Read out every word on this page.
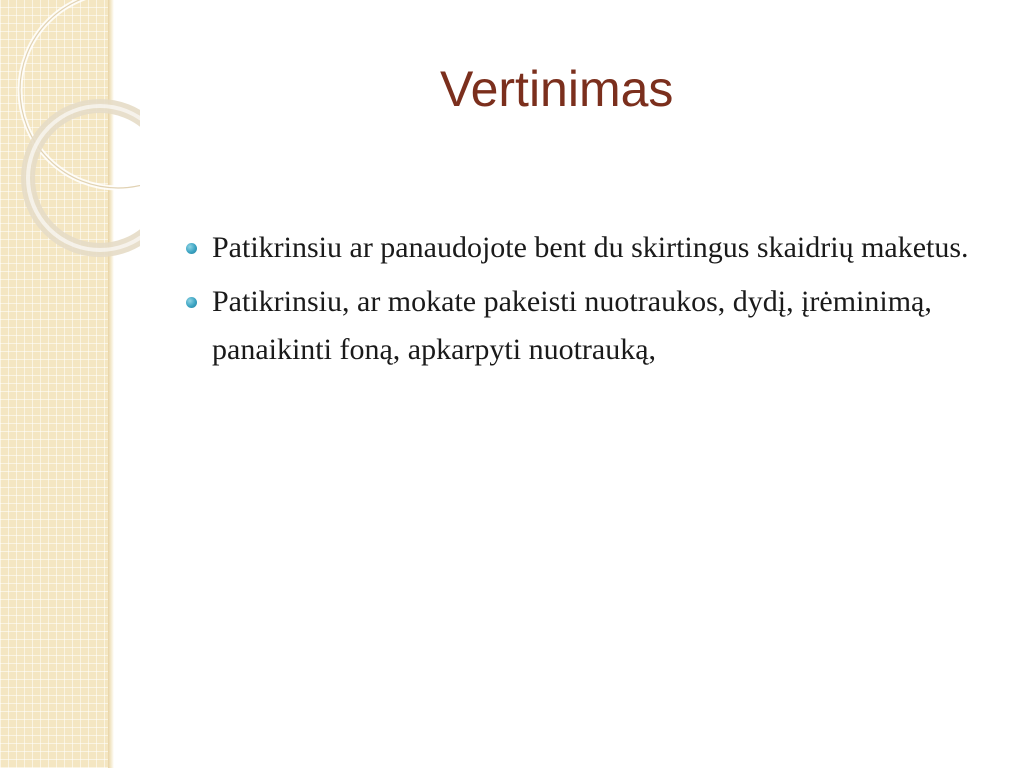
Vertinimas
Patikrinsiu ar panaudojote bent du skirtingus skaidrių maketus.
Patikrinsiu, ar mokate pakeisti nuotraukos, dydį, įrėminimą, panaikinti foną, apkarpyti nuotrauką,
